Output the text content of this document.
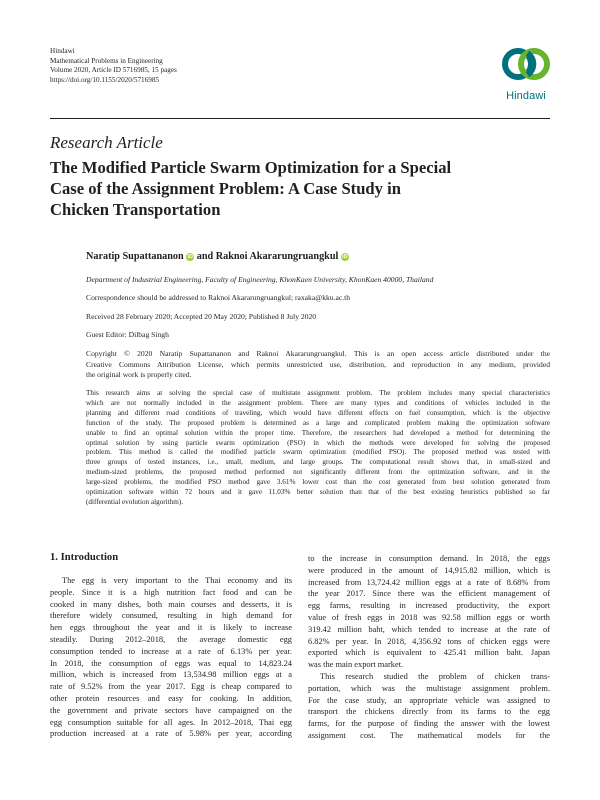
Hindawi
Mathematical Problems in Engineering
Volume 2020, Article ID 5716985, 15 pages
https://doi.org/10.1155/2020/5716985
Hindawi
Research Article
The Modified Particle Swarm Optimization for a Special
Case of the Assignment Problem: A Case Study in
Chicken Transportation
Naratip Supattananon iD and Raknoi Akararungruangkul iD
Department of Industrial Engineering, Faculty of Engineering, KhonKaen University, KhonKaen 40000, Thailand
Correspondence should be addressed to Raknoi Akararungruangkul; raxaka@kku.ac.th
Received 28 February 2020; Accepted 20 May 2020; Published 8 July 2020
Guest Editor: Dilbag Singh
Copyright © 2020 Naratip Supattananon and Raknoi Akararungruangkul. This is an open access article distributed under the
Creative Commons Attribution License, which permits unrestricted use, distribution, and reproduction in any medium, provided
the original work is properly cited.
This research aims at solving the special case of multistate assignment problem. The problem includes many special characteristics
which are not normally included in the assignment problem. There are many types and conditions of vehicles included in the
planning and different road conditions of traveling, which would have different effects on fuel consumption, which is the objective
function of the study. The proposed problem is determined as a large and complicated problem making the optimization software
unable to find an optimal solution within the proper time. Therefore, the researchers had developed a method for determining the
optimal solution by using particle swarm optimization (PSO) in which the methods were developed for solving the proposed
problem. This method is called the modified particle swarm optimization (modified PSO). The proposed method was tested with
three groups of tested instances, i.e., small, medium, and large groups. The computational result shows that, in small-sized and
medium-sized problems, the proposed method performed not significantly different from the optimization software, and in the
large-sized problems, the modified PSO method gave 3.61% lower cost than the cost generated from best solution generated from
optimization software within 72 hours and it gave 11.03% better solution than that of the best existing heuristics published so far
(differential evolution algorithm).
1. Introduction
The egg is very important to the Thai economy and its
people. Since it is a high nutrition fact food and can be
cooked in many dishes, both main courses and desserts, it is
therefore widely consumed, resulting in high demand for
hen eggs throughout the year and it is likely to increase
steadily. During 2012–2018, the average domestic egg
consumption tended to increase at a rate of 6.13% per year.
In 2018, the consumption of eggs was equal to 14,823.24
million, which is increased from 13,534.98 million eggs at a
rate of 9.52% from the year 2017. Egg is cheap compared to
other protein resources and easy for cooking. In addition,
the government and private sectors have campaigned on the
egg consumption suitable for all ages. In 2012–2018, Thai egg
production increased at a rate of 5.98% per year, according
to the increase in consumption demand. In 2018, the eggs
were produced in the amount of 14,915.82 million, which is
increased from 13,724.42 million eggs at a rate of 8.68% from
the year 2017. Since there was the efficient management of
egg farms, resulting in increased productivity, the export
value of fresh eggs in 2018 was 92.58 million eggs or worth
319.42 million baht, which tended to increase at the rate of
6.82% per year. In 2018, 4,356.92 tons of chicken eggs were
exported which is equivalent to 425.41 million baht. Japan
was the main export market.
This research studied the problem of chicken trans-
portation, which was the multistage assignment problem.
For the case study, an appropriate vehicle was assigned to
transport the chickens directly from its farms to the egg
farms, for the purpose of finding the answer with the lowest
assignment cost. The mathematical models for the
